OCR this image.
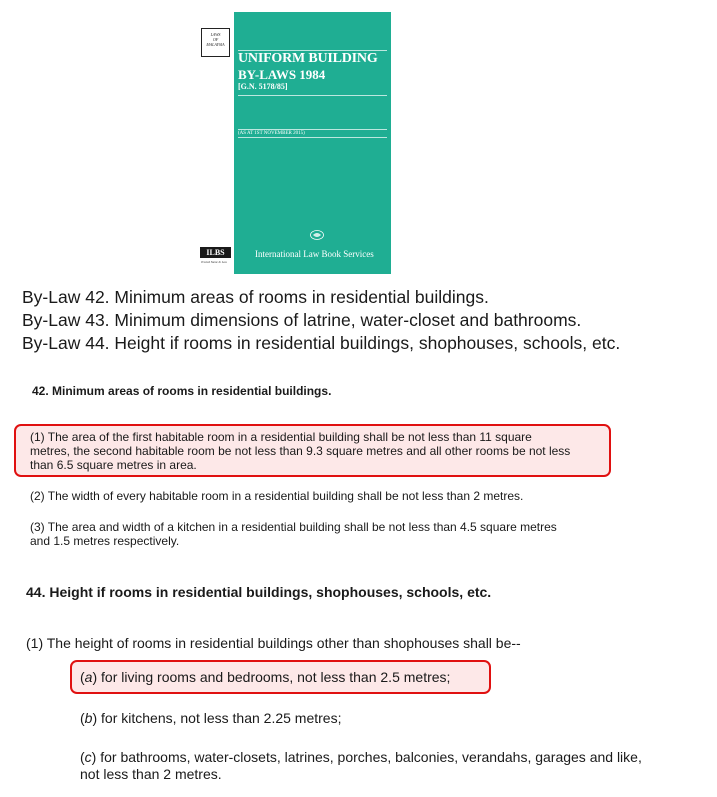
LAWS
OF
MALAYSIA
UNIFORM BUILDING
BY-LAWS 1984
[G.N. 5178/85]
(AS AT 1ST NOVEMBER 2015)
ILBS
Trusted Name In Law
International Law Book Services
By-Law 42. Minimum areas of rooms in residential buildings.
By-Law 43. Minimum dimensions of latrine, water-closet and bathrooms.
By-Law 44. Height if rooms in residential buildings, shophouses, schools, etc.
42. Minimum areas of rooms in residential buildings.
(1) The area of the first habitable room in a residential building shall be not less than 11 square
metres, the second habitable room be not less than 9.3 square metres and all other rooms be not less
than 6.5 square metres in area.
(2) The width of every habitable room in a residential building shall be not less than 2 metres.
(3) The area and width of a kitchen in a residential building shall be not less than 4.5 square metres
and 1.5 metres respectively.
44. Height if rooms in residential buildings, shophouses, schools, etc.
(1) The height of rooms in residential buildings other than shophouses shall be--
(a) for living rooms and bedrooms, not less than 2.5 metres;
(b) for kitchens, not less than 2.25 metres;
(c) for bathrooms, water-closets, latrines, porches, balconies, verandahs, garages and like,
not less than 2 metres.
